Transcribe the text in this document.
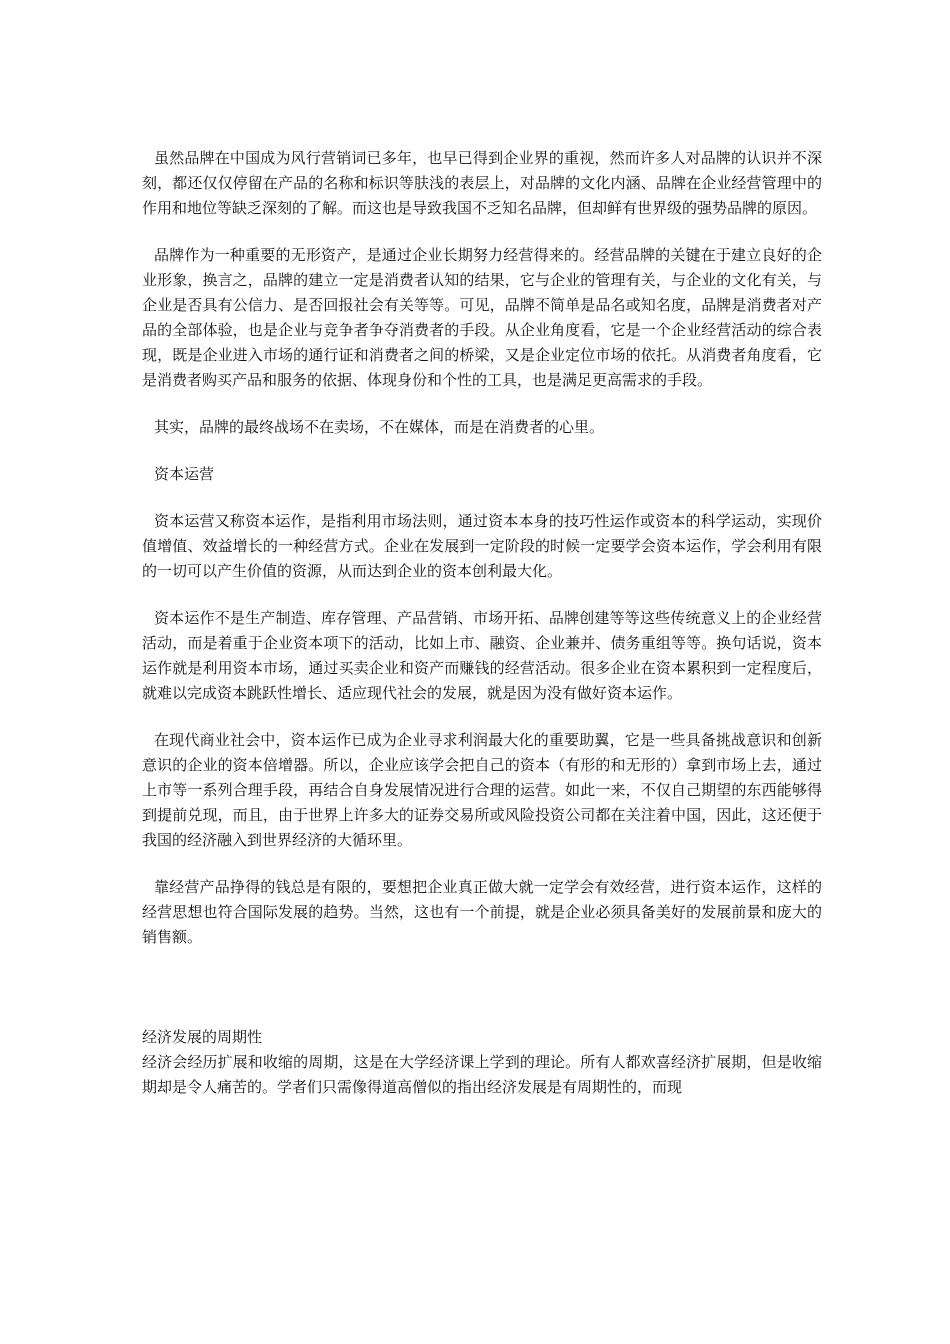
虽然品牌在中国成为风行营销词已多年，也早已得到企业界的重视，然而许多人对品牌的认识并不深刻，都还仅仅停留在产品的名称和标识等肤浅的表层上，对品牌的文化内涵、品牌在企业经营管理中的作用和地位等缺乏深刻的了解。而这也是导致我国不乏知名品牌，但却鲜有世界级的强势品牌的原因。

品牌作为一种重要的无形资产，是通过企业长期努力经营得来的。经营品牌的关键在于建立良好的企业形象，换言之，品牌的建立一定是消费者认知的结果，它与企业的管理有关，与企业的文化有关，与企业是否具有公信力、是否回报社会有关等等。可见，品牌不简单是品名或知名度，品牌是消费者对产品的全部体验，也是企业与竞争者争夺消费者的手段。从企业角度看，它是一个企业经营活动的综合表现，既是企业进入市场的通行证和消费者之间的桥梁，又是企业定位市场的依托。从消费者角度看，它是消费者购买产品和服务的依据、体现身份和个性的工具，也是满足更高需求的手段。

其实，品牌的最终战场不在卖场，不在媒体，而是在消费者的心里。

资本运营

资本运营又称资本运作，是指利用市场法则，通过资本本身的技巧性运作或资本的科学运动，实现价值增值、效益增长的一种经营方式。企业在发展到一定阶段的时候一定要学会资本运作，学会利用有限的一切可以产生价值的资源，从而达到企业的资本创利最大化。

资本运作不是生产制造、库存管理、产品营销、市场开拓、品牌创建等等这些传统意义上的企业经营活动，而是着重于企业资本项下的活动，比如上市、融资、企业兼并、债务重组等等。换句话说，资本运作就是利用资本市场，通过买卖企业和资产而赚钱的经营活动。很多企业在资本累积到一定程度后，就难以完成资本跳跃性增长、适应现代社会的发展，就是因为没有做好资本运作。

在现代商业社会中，资本运作已成为企业寻求利润最大化的重要助翼，它是一些具备挑战意识和创新意识的企业的资本倍增器。所以，企业应该学会把自己的资本（有形的和无形的）拿到市场上去，通过上市等一系列合理手段，再结合自身发展情况进行合理的运营。如此一来，不仅自己期望的东西能够得到提前兑现，而且，由于世界上许多大的证券交易所或风险投资公司都在关注着中国，因此，这还便于我国的经济融入到世界经济的大循环里。

靠经营产品挣得的钱总是有限的，要想把企业真正做大就一定学会有效经营，进行资本运作，这样的经营思想也符合国际发展的趋势。当然，这也有一个前提，就是企业必须具备美好的发展前景和庞大的销售额。

经济发展的周期性

经济会经历扩展和收缩的周期，这是在大学经济课上学到的理论。所有人都欢喜经济扩展期，但是收缩期却是令人痛苦的。学者们只需像得道高僧似的指出经济发展是有周期性的，而现
